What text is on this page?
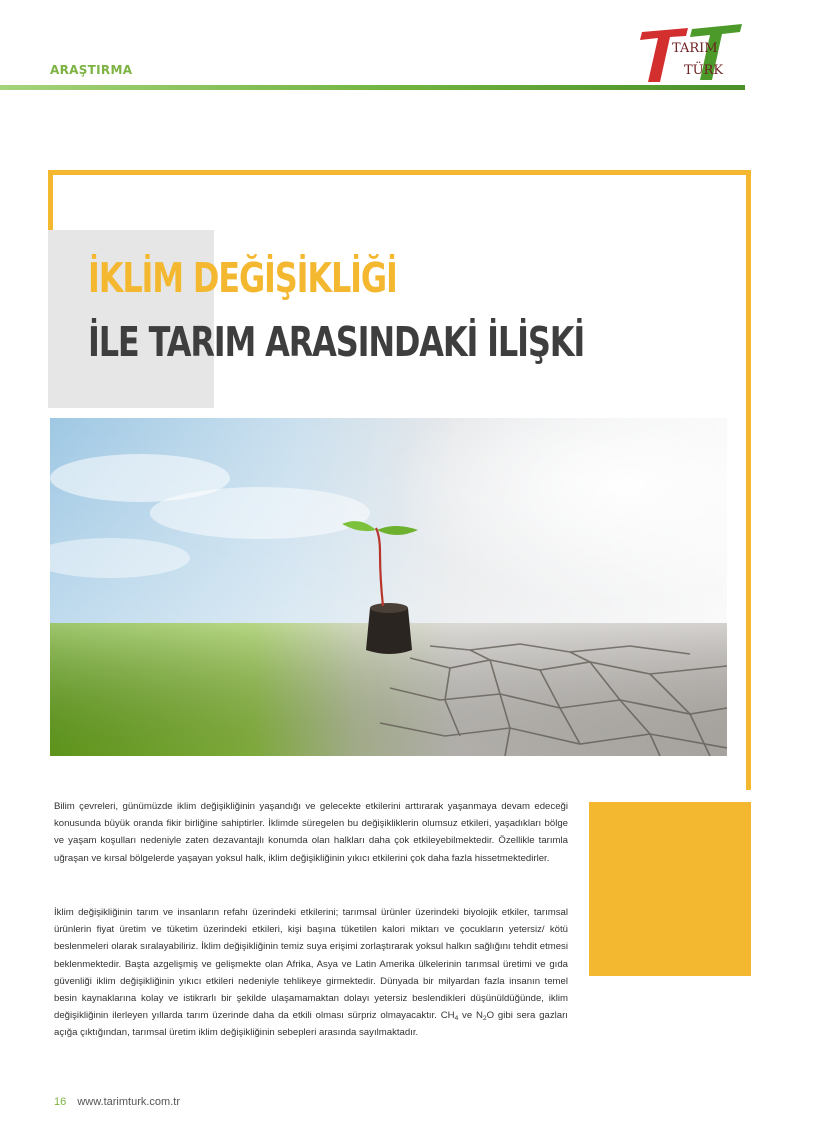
ARAŞTIRMA
TARIM
TÜRK
İKLİM DEĞİŞİKLİĞİ
İLE TARIM ARASINDAKİ İLİŞKİ

Bilim çevreleri, günümüzde iklim değişikliğinin yaşandığı ve gelecekte etkilerini arttırarak yaşanmaya devam edeceği konusunda büyük oranda fikir birliğine sahiptirler. İklimde süregelen bu değişikliklerin olumsuz etkileri, yaşadıkları bölge ve yaşam koşulları nedeniyle zaten dezavantajlı konumda olan halkları daha çok etkileyebilmektedir. Özellikle tarımla uğraşan ve kırsal bölgelerde yaşayan yoksul halk, iklim değişikliğinin yıkıcı etkilerini çok daha fazla hissetmektedirler.

İklim değişikliğinin tarım ve insanların refahı üzerindeki etkilerini; tarımsal ürünler üzerindeki biyolojik etkiler, tarımsal ürünlerin fiyat üretim ve tüketim üzerindeki etkileri, kişi başına tüketilen kalori miktarı ve çocukların yetersiz/ kötü beslenmeleri olarak sıralayabiliriz. İklim değişikliğinin temiz suya erişimi zorlaştırarak yoksul halkın sağlığını tehdit etmesi beklenmektedir. Başta azgelişmiş ve gelişmekte olan Afrika, Asya ve Latin Amerika ülkelerinin tarımsal üretimi ve gıda güvenliği iklim değişikliğinin yıkıcı etkileri nedeniyle tehlikeye girmektedir. Dünyada bir milyardan fazla insanın temel besin kaynaklarına kolay ve istikrarlı bir şekilde ulaşamamaktan dolayı yetersiz beslendikleri düşünüldüğünde, iklim değişikliğinin ilerleyen yıllarda tarım üzerinde daha da etkili olması sürpriz olmayacaktır. $CH_4$ ve $N_2O$ gibi sera gazları açığa çıktığından, tarımsal üretim iklim değişikliğinin sebepleri arasında sayılmaktadır.

16 www.tarimturk.com.tr
